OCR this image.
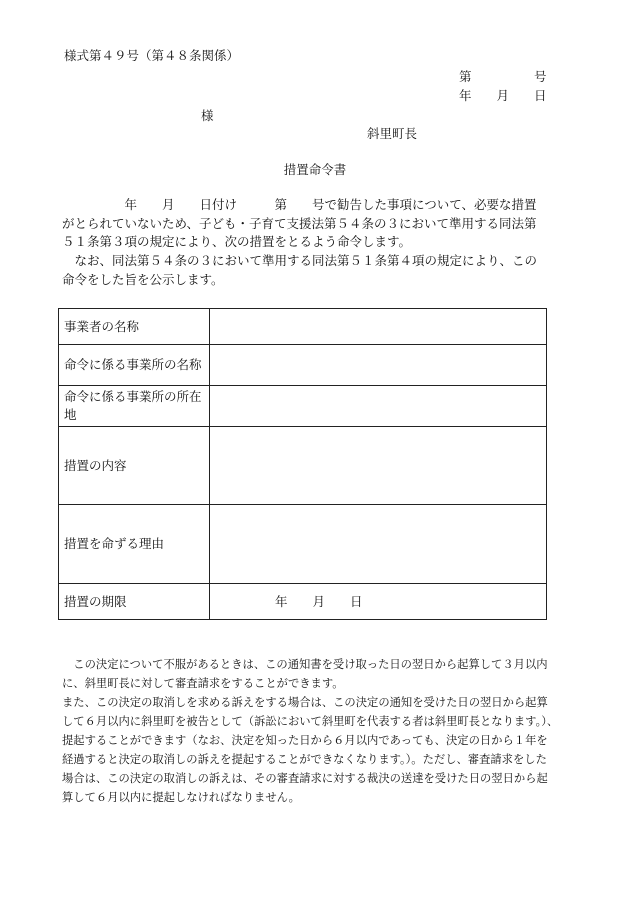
様式第４９号（第４８条関係）
第　　　　　号
年　　月　　日
様
斜里町長
措置命令書
　　　　　年　　月　　日付け　　　第　　号で勧告した事項について、必要な措置
がとられていないため、子ども・子育て支援法第５４条の３において準用する同法第
５１条第３項の規定により、次の措置をとるよう命令します。
　なお、同法第５４条の３において準用する同法第５１条第４項の規定により、この
命令をした旨を公示します。
事業者の名称	
命令に係る事業所の名称	
命令に係る事業所の所在地	
措置の内容	
措置を命ずる理由	
措置の期限	年　　月　　日
　この決定について不服があるときは、この通知書を受け取った日の翌日から起算して３月以内
に、斜里町長に対して審査請求をすることができます。
また、この決定の取消しを求める訴えをする場合は、この決定の通知を受けた日の翌日から起算
して６月以内に斜里町を被告として（訴訟において斜里町を代表する者は斜里町長となります。）、
提起することができます（なお、決定を知った日から６月以内であっても、決定の日から１年を
経過すると決定の取消しの訴えを提起することができなくなります。）。ただし、審査請求をした
場合は、この決定の取消しの訴えは、その審査請求に対する裁決の送達を受けた日の翌日から起
算して６月以内に提起しなければなりません。
